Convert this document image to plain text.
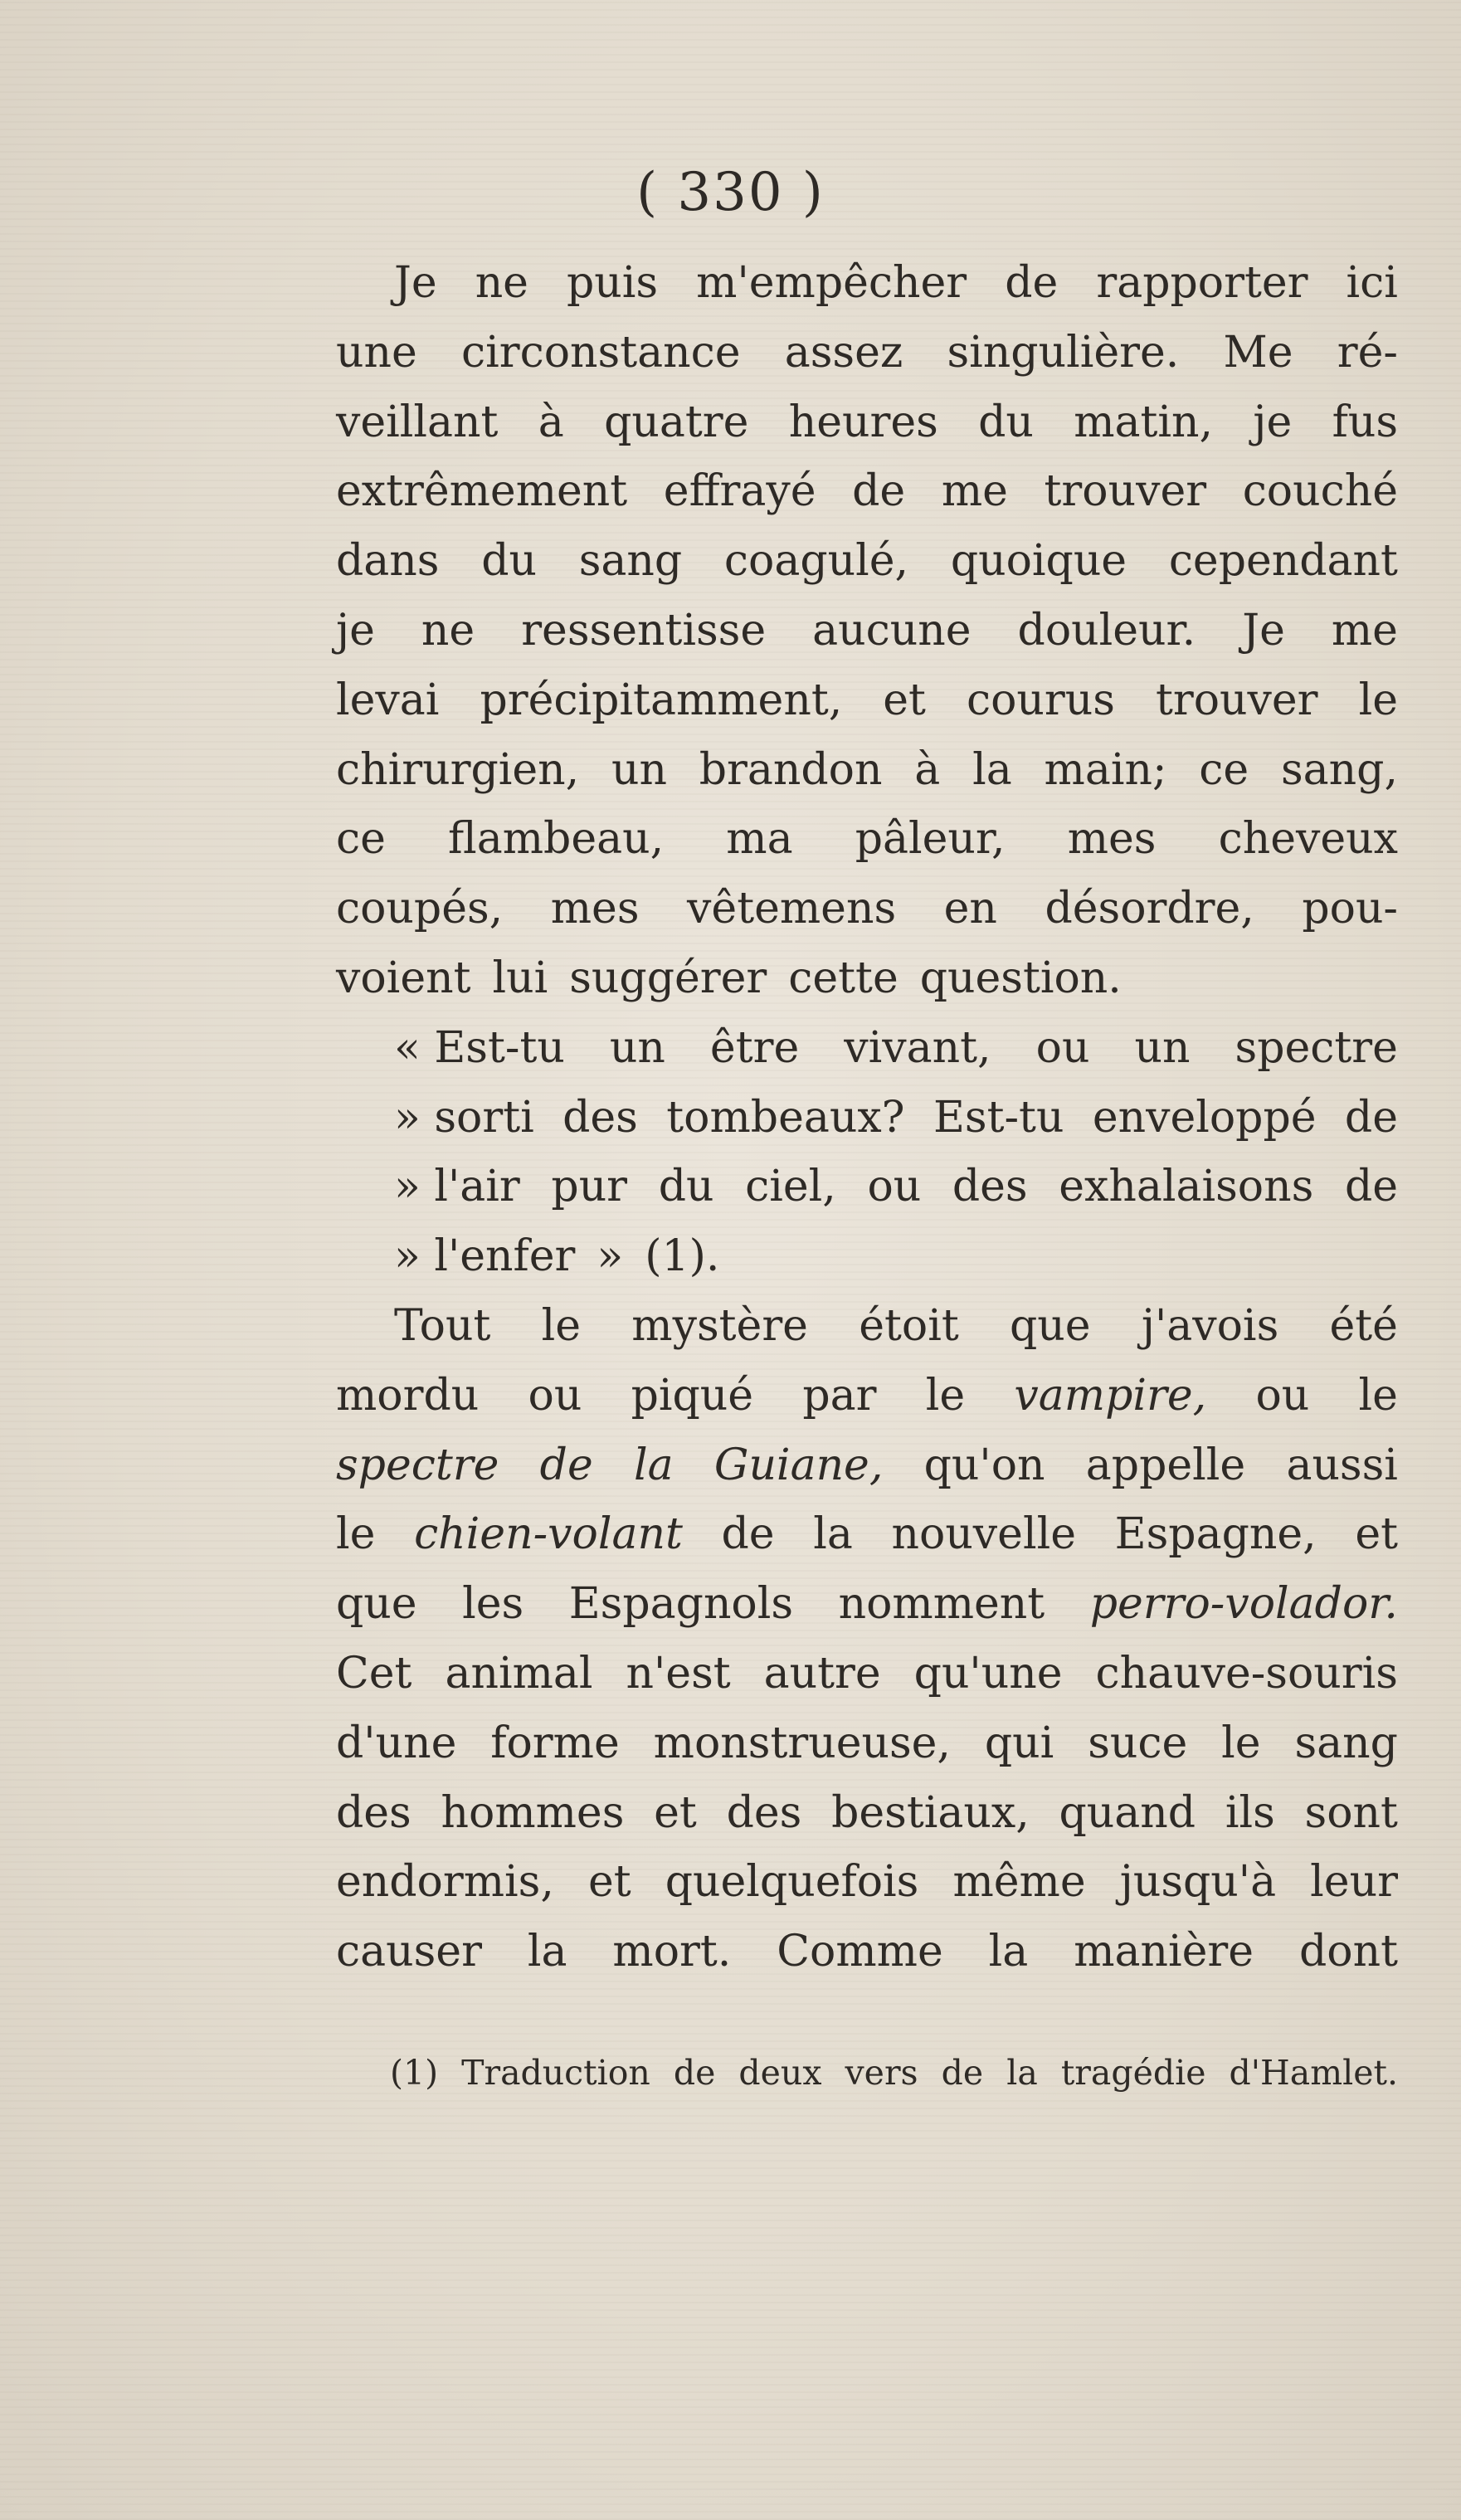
( 330 )
Je ne puis m'empêcher de rapporter ici
une circonstance assez singulière. Me ré-
veillant à quatre heures du matin, je fus
extrêmement effrayé de me trouver couché
dans du sang coagulé, quoique cependant
je ne ressentisse aucune douleur. Je me
levai précipitamment, et courus trouver le
chirurgien, un brandon à la main; ce sang,
ce flambeau, ma pâleur, mes cheveux
coupés, mes vêtemens en désordre, pou-
voient lui suggérer cette question.
« Est-tu un être vivant, ou un spectre
» sorti des tombeaux? Est-tu enveloppé de
» l'air pur du ciel, ou des exhalaisons de
» l'enfer » (1).
Tout le mystère étoit que j'avois été
mordu ou piqué par le vampire, ou le
spectre de la Guiane, qu'on appelle aussi
le chien-volant de la nouvelle Espagne, et
que les Espagnols nomment perro-volador.
Cet animal n'est autre qu'une chauve-souris
d'une forme monstrueuse, qui suce le sang
des hommes et des bestiaux, quand ils sont
endormis, et quelquefois même jusqu'à leur
causer la mort. Comme la manière dont
(1) Traduction de deux vers de la tragédie d'Hamlet.
